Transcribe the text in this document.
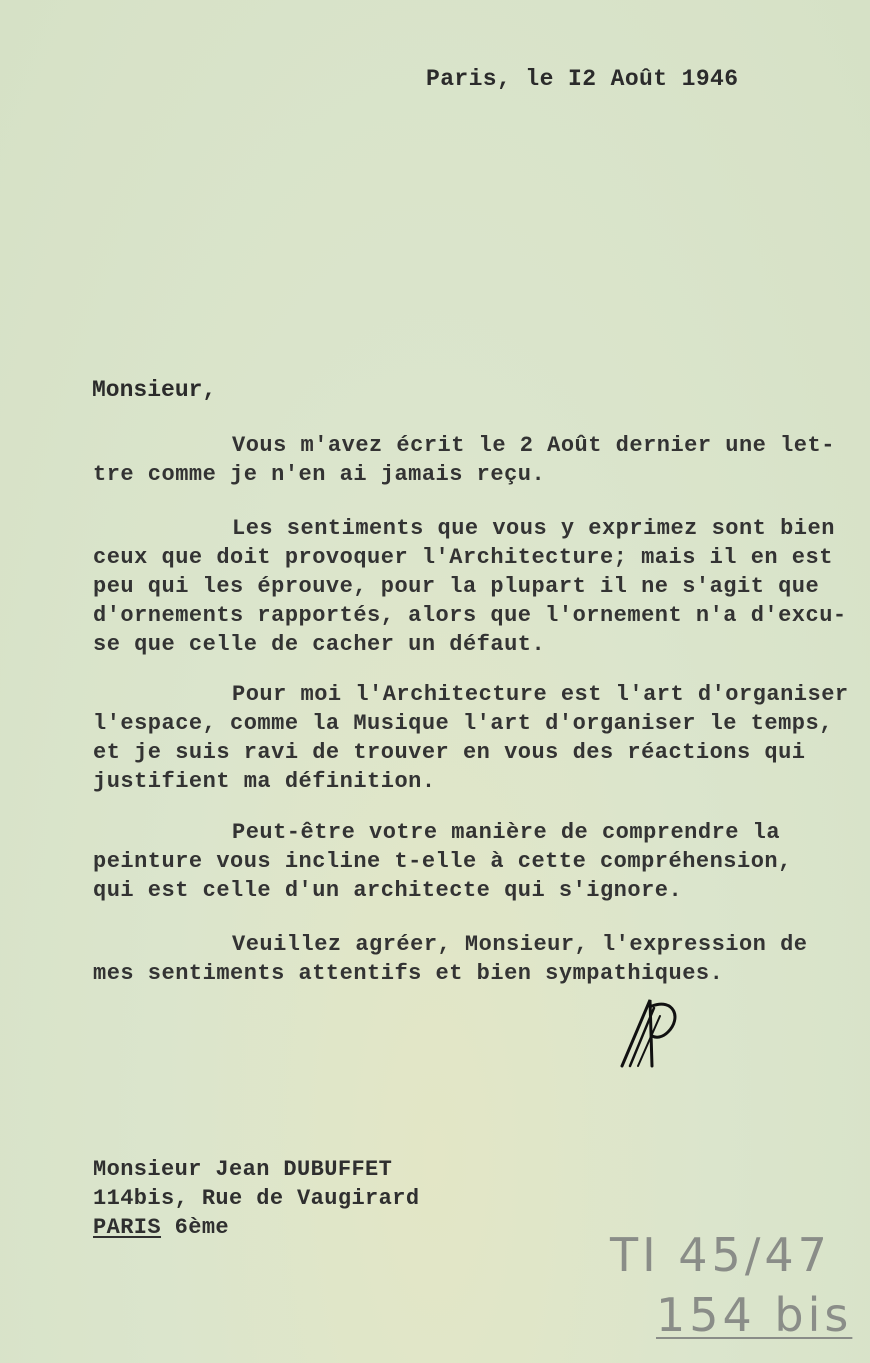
Paris, le I2 Août 1946
Monsieur,
Vous m'avez écrit le 2 Août dernier une let-
tre comme je n'en ai jamais reçu.
Les sentiments que vous y exprimez sont bien
ceux que doit provoquer l'Architecture; mais il en est
peu qui les éprouve, pour la plupart il ne s'agit que
d'ornements rapportés, alors que l'ornement n'a d'excu-
se que celle de cacher un défaut.
Pour moi l'Architecture est l'art d'organiser
l'espace, comme la Musique l'art d'organiser le temps,
et je suis ravi de trouver en vous des réactions qui
justifient ma définition.
Peut-être votre manière de comprendre la
peinture vous incline t-elle à cette compréhension,
qui est celle d'un architecte qui s'ignore.
Veuillez agréer, Monsieur, l'expression de
mes sentiments attentifs et bien sympathiques.
Monsieur Jean DUBUFFET
114bis, Rue de Vaugirard
PARIS 6ème
TI 45/47
154 bis
